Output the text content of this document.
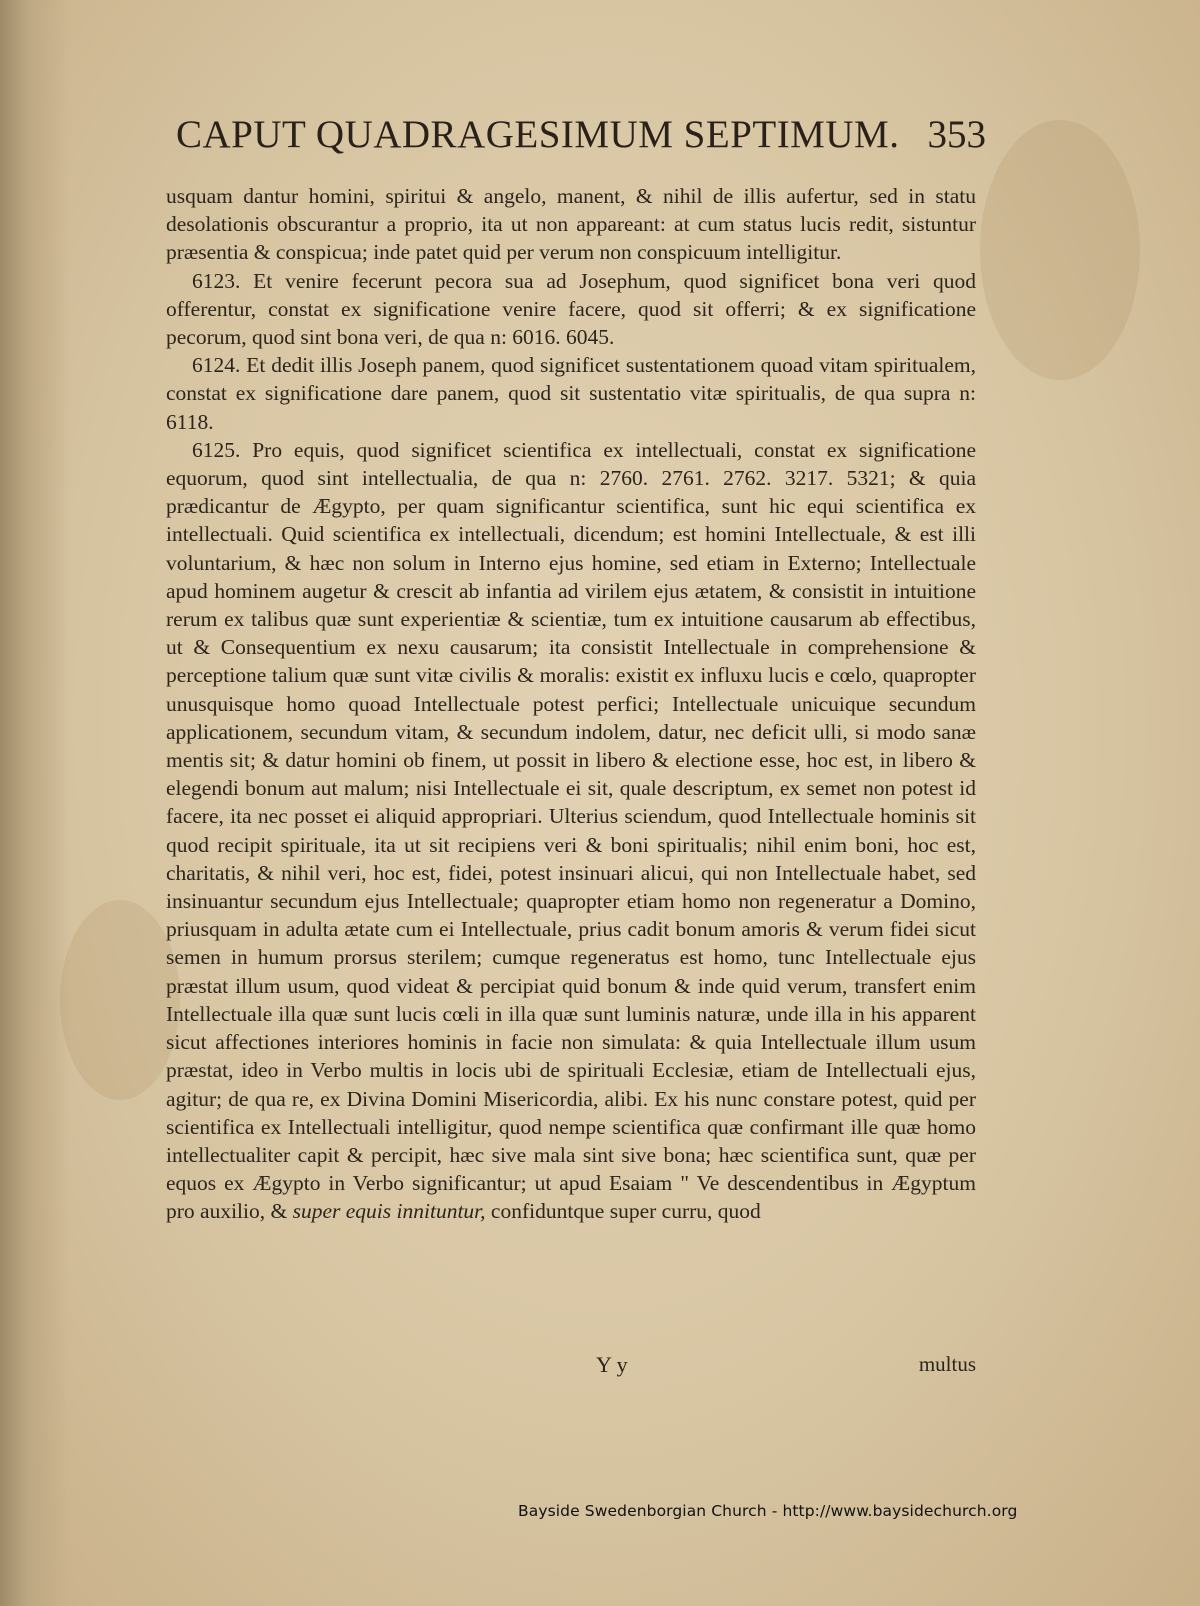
CAPUT QUADRAGESIMUM SEPTIMUM. 353

usquam dantur homini, spiritui & angelo, manent, & nihil de illis aufertur, sed in statu desolationis obscurantur a proprio, ita ut non appareant: at cum status lucis redit, sistuntur præsentia & conspicua; inde patet quid per verum non conspicuum intelligitur.

6123. Et venire fecerunt pecora sua ad Josephum, quod significet bona veri quod offerentur, constat ex significatione venire facere, quod sit offerri; & ex significatione pecorum, quod sint bona veri, de qua n: 6016. 6045.

6124. Et dedit illis Joseph panem, quod significet sustentationem quoad vitam spiritualem, constat ex significatione dare panem, quod sit sustentatio vitæ spiritualis, de qua supra n: 6118.

6125. Pro equis, quod significet scientifica ex intellectuali, constat ex significatione equorum, quod sint intellectualia, de qua n: 2760. 2761. 2762. 3217. 5321; & quia prædicantur de Ægypto, per quam significantur scientifica, sunt hic equi scientifica ex intellectuali. Quid scientifica ex intellectuali, dicendum; est homini Intellectuale, & est illi voluntarium, & hæc non solum in Interno ejus homine, sed etiam in Externo; Intellectuale apud hominem augetur & crescit ab infantia ad virilem ejus ætatem, & consistit in intuitione rerum ex talibus quæ sunt experientiæ & scientiæ, tum ex intuitione causarum ab effectibus, ut & Consequentium ex nexu causarum; ita consistit Intellectuale in comprehensione & perceptione talium quæ sunt vitæ civilis & moralis: existit ex influxu lucis e cœlo, quapropter unusquisque homo quoad Intellectuale potest perfici; Intellectuale unicuique secundum applicationem, secundum vitam, & secundum indolem, datur, nec deficit ulli, si modo sanæ mentis sit; & datur homini ob finem, ut possit in libero & electione esse, hoc est, in libero & elegendi bonum aut malum; nisi Intellectuale ei sit, quale descriptum, ex semet non potest id facere, ita nec posset ei aliquid appropriari. Ulterius sciendum, quod Intellectuale hominis sit quod recipit spirituale, ita ut sit recipiens veri & boni spiritualis; nihil enim boni, hoc est, charitatis, & nihil veri, hoc est, fidei, potest insinuari alicui, qui non Intellectuale habet, sed insinuantur secundum ejus Intellectuale; quapropter etiam homo non regeneratur a Domino, priusquam in adulta ætate cum ei Intellectuale, prius cadit bonum amoris & verum fidei sicut semen in humum prorsus sterilem; cumque regeneratus est homo, tunc Intellectuale ejus præstat illum usum, quod videat & percipiat quid bonum & inde quid verum, transfert enim Intellectuale illa quæ sunt lucis cœli in illa quæ sunt luminis naturæ, unde illa in his apparent sicut affectiones interiores hominis in facie non simulata: & quia Intellectuale illum usum præstat, ideo in Verbo multis in locis ubi de spirituali Ecclesiæ, etiam de Intellectuali ejus, agitur; de qua re, ex Divina Domini Misericordia, alibi. Ex his nunc constare potest, quid per scientifica ex Intellectuali intelligitur, quod nempe scientifica quæ confirmant ille quæ homo intellectualiter capit & percipit, hæc sive mala sint sive bona; hæc scientifica sunt, quæ per equos ex Ægypto in Verbo significantur; ut apud Esaiam " Ve descendentibus in Ægyptum pro auxilio, & super equis innituntur, confiduntque super curru, quod

Y y	multus
Bayside Swedenborgian Church - http://www.baysidechurch.org
